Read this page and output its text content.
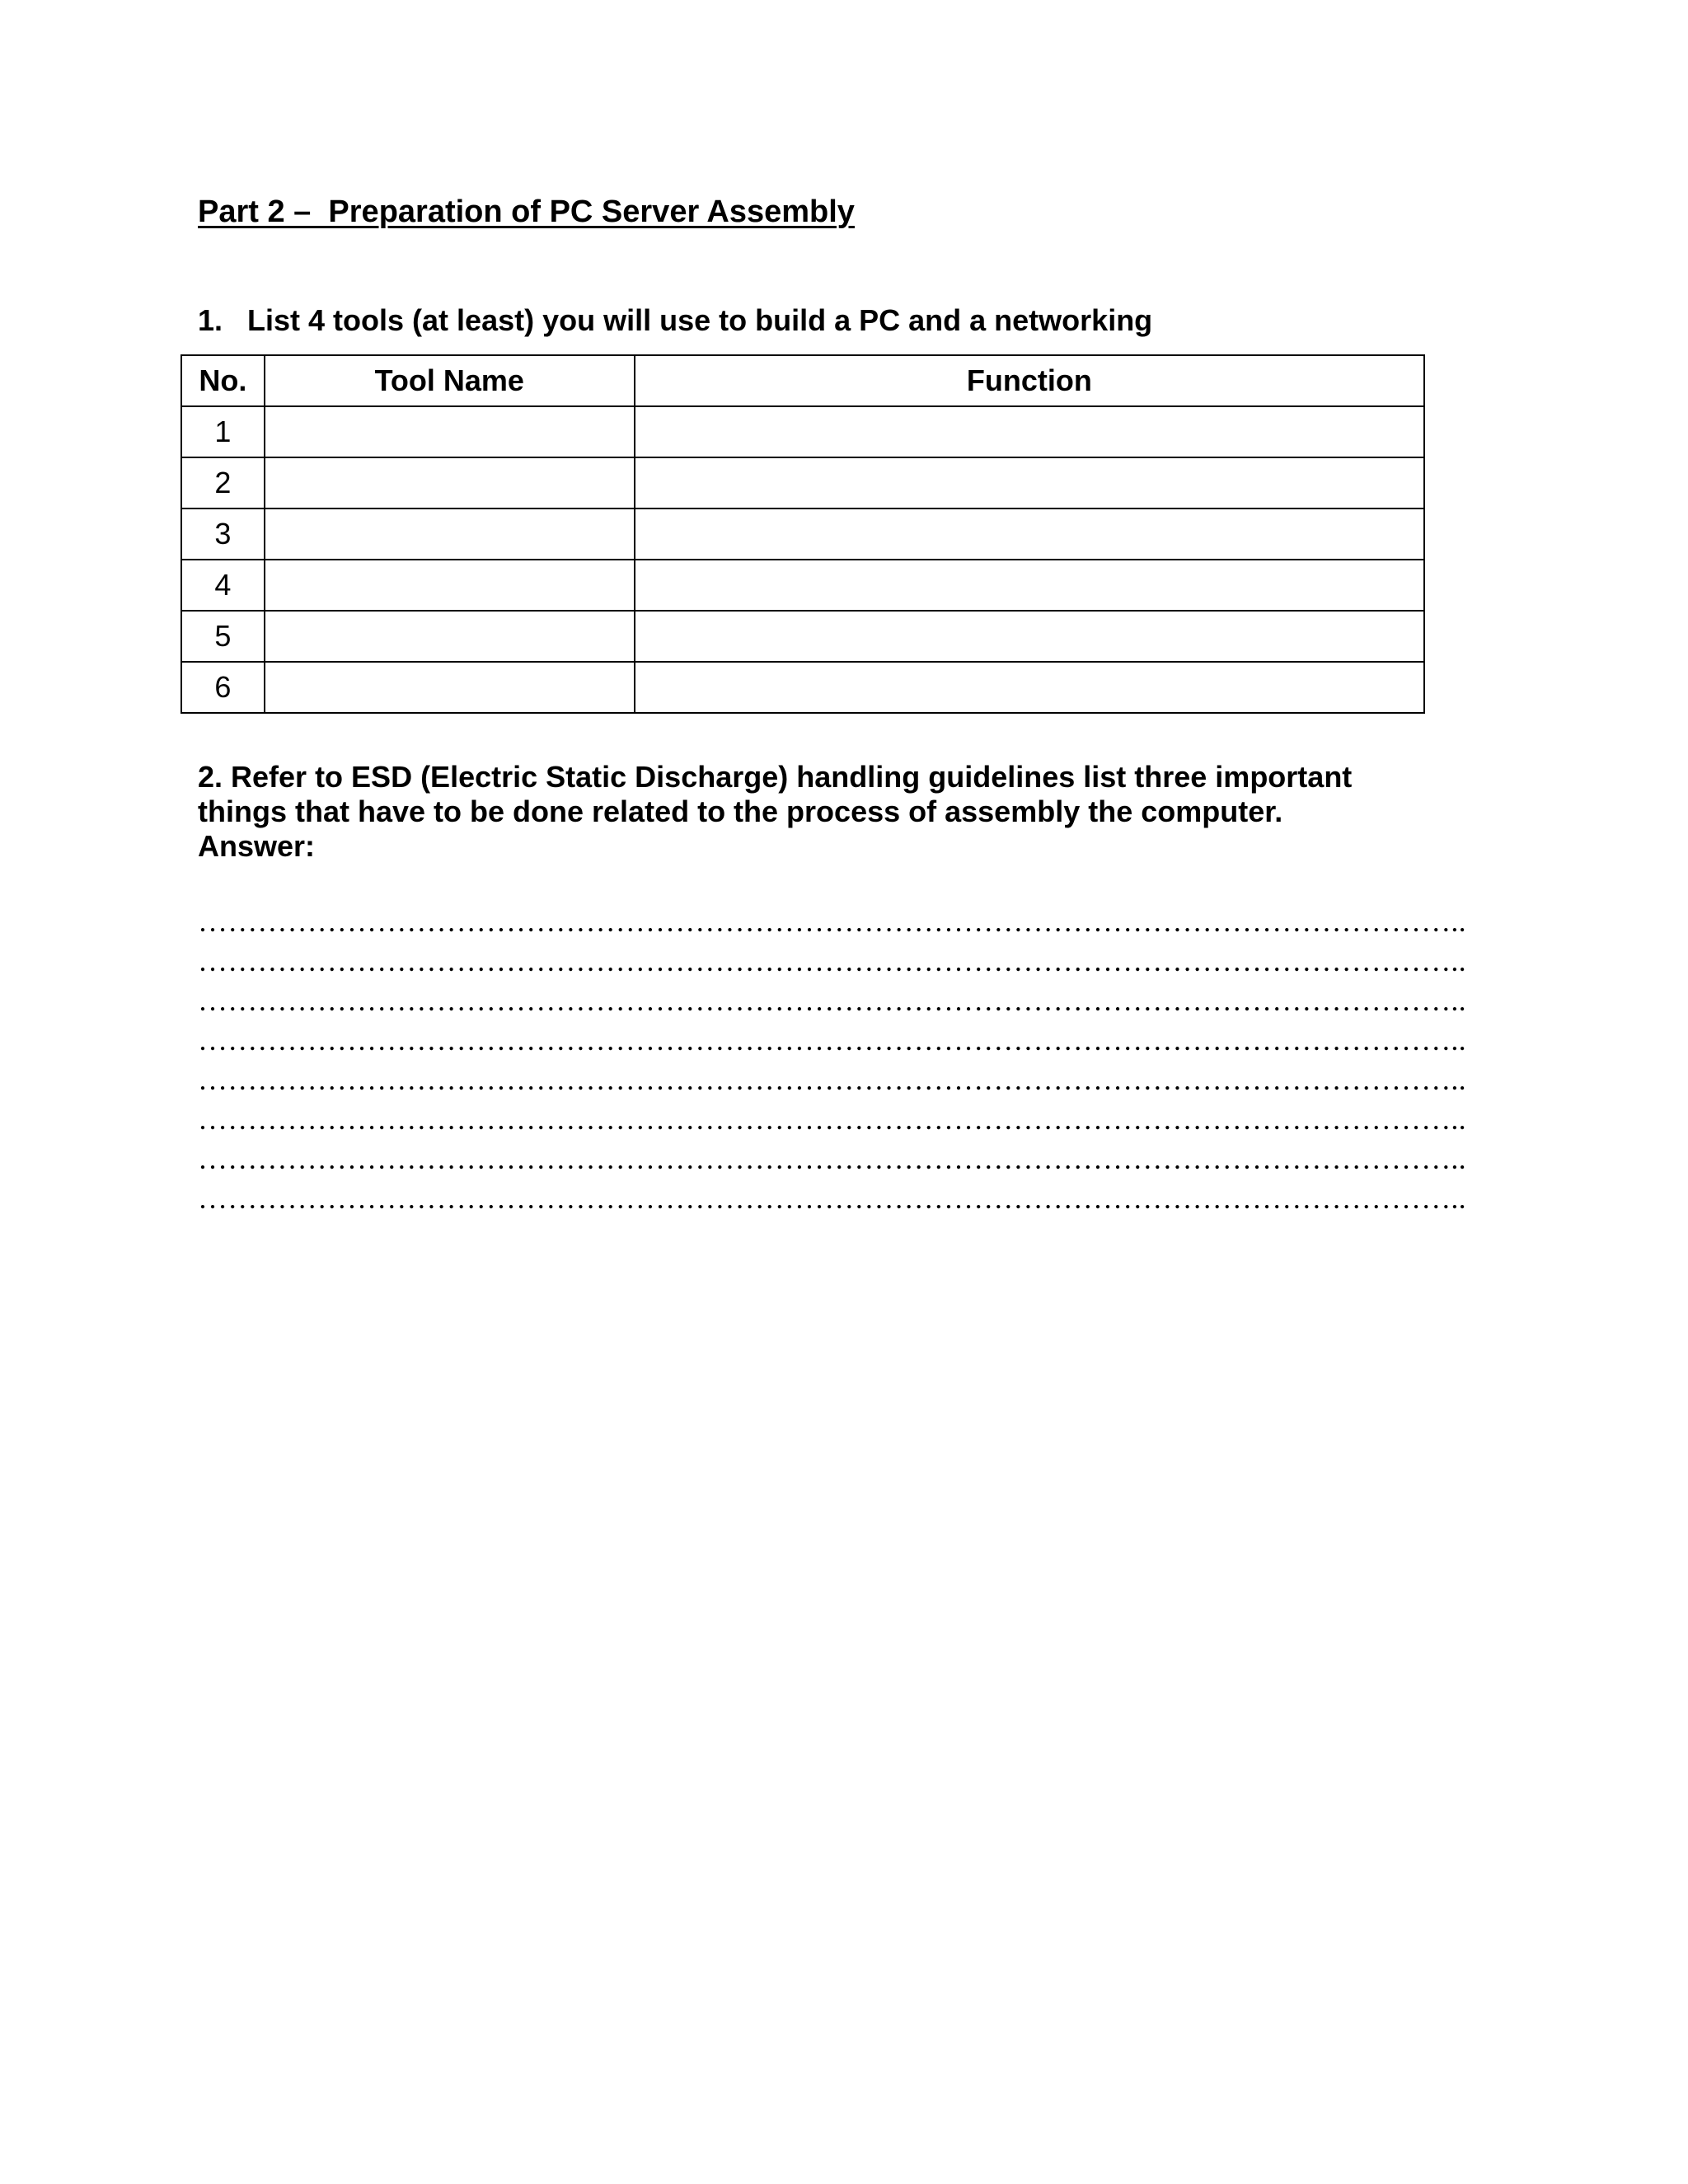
Part 2 –  Preparation of PC Server Assembly

1.   List 4 tools (at least) you will use to build a PC and a networking

No.	Tool Name	Function
1		
2		
3		
4		
5		
6		

2. Refer to ESD (Electric Static Discharge) handling guidelines list three important

things that have to be done related to the process of assembly the computer.

Answer:

………………………………………………………………………………………………………………..
………………………………………………………………………………………………………………..
………………………………………………………………………………………………………………..
………………………………………………………………………………………………………………..
………………………………………………………………………………………………………………..
………………………………………………………………………………………………………………..
………………………………………………………………………………………………………………..
………………………………………………………………………………………………………………..
